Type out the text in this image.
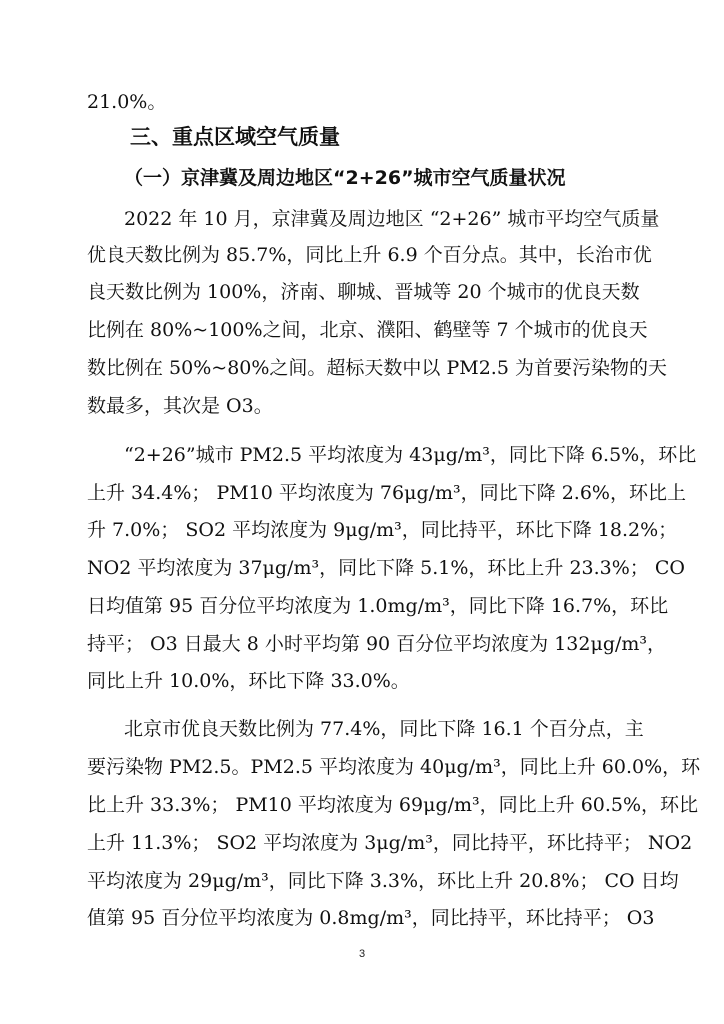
21.0%。
三、重点区域空气质量
（一）京津冀及周边地区“2+26”城市空气质量状况
2022 年 10 月，京津冀及周边地区 “2+26” 城市平均空气质量
优良天数比例为 85.7%，同比上升 6.9 个百分点。其中，长治市优
良天数比例为 100%，济南、聊城、晋城等 20 个城市的优良天数
比例在 80%~100%之间，北京、濮阳、鹤壁等 7 个城市的优良天
数比例在 50%~80%之间。超标天数中以 PM2.5 为首要污染物的天
数最多，其次是 O3。
“2+26”城市 PM2.5 平均浓度为 43μg/m³，同比下降 6.5%，环比
上升 34.4%； PM10 平均浓度为 76μg/m³，同比下降 2.6%，环比上
升 7.0%； SO2 平均浓度为 9μg/m³，同比持平，环比下降 18.2%；
NO2 平均浓度为 37μg/m³，同比下降 5.1%，环比上升 23.3%； CO
日均值第 95 百分位平均浓度为 1.0mg/m³，同比下降 16.7%，环比
持平； O3 日最大 8 小时平均第 90 百分位平均浓度为 132μg/m³，
同比上升 10.0%，环比下降 33.0%。
北京市优良天数比例为 77.4%，同比下降 16.1 个百分点，主
要污染物 PM2.5。PM2.5 平均浓度为 40μg/m³，同比上升 60.0%，环
比上升 33.3%； PM10 平均浓度为 69μg/m³，同比上升 60.5%，环比
上升 11.3%； SO2 平均浓度为 3μg/m³，同比持平，环比持平； NO2
平均浓度为 29μg/m³，同比下降 3.3%，环比上升 20.8%； CO 日均
值第 95 百分位平均浓度为 0.8mg/m³，同比持平，环比持平； O3
3
